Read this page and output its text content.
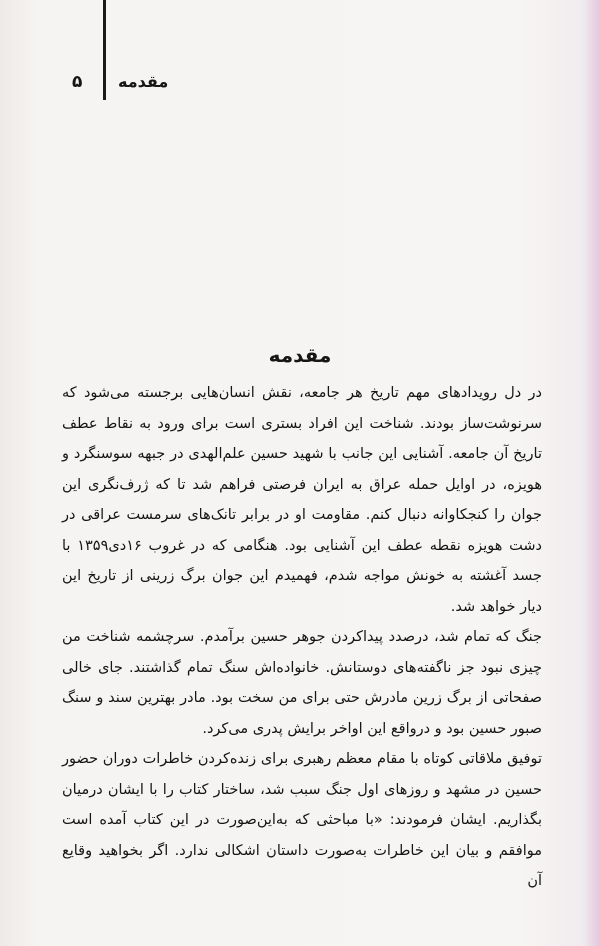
۵ مقدمه
مقدمه

در دل رویدادهای مهم تاریخ هر جامعه، نقش انسان‌هایی برجسته می‌شود که سرنوشت‌ساز بودند. شناخت این افراد بستری است برای ورود به نقاط عطف تاریخ آن جامعه. آشنایی این جانب با شهید حسین علم‌الهدی در جبهه سوسنگرد و هویزه، در اوایل حمله عراق به ایران فرصتی فراهم شد تا که ژرف‌نگری این جوان را کنجکاوانه دنبال کنم. مقاومت او در برابر تانک‌های سرمست عراقی در دشت هویزه نقطه عطف این آشنایی بود. هنگامی که در غروب ۱۶دی۱۳۵۹ با جسد آغشته به خونش مواجه شدم، فهمیدم این جوان برگ زرینی از تاریخ این دیار خواهد شد.

جنگ که تمام شد، درصدد پیداکردن جوهر حسین برآمدم. سرچشمه شناخت من چیزی نبود جز ناگفته‌های دوستانش. خانواده‌اش سنگ تمام گذاشتند. جای خالی صفحاتی از برگ زرین مادرش حتی برای من سخت بود. مادر بهترین سند و سنگ صبور حسین بود و درواقع این اواخر برایش پدری می‌کرد.

توفیق ملاقاتی کوتاه با مقام معظم رهبری برای زنده‌کردن خاطرات دوران حضور حسین در مشهد و روزهای اول جنگ سبب شد، ساختار کتاب را با ایشان درمیان بگذاریم. ایشان فرمودند: «با مباحثی که به‌این‌صورت در این کتاب آمده است موافقم و بیان این خاطرات به‌صورت داستان اشکالی ندارد. اگر بخواهید وقایع آن
